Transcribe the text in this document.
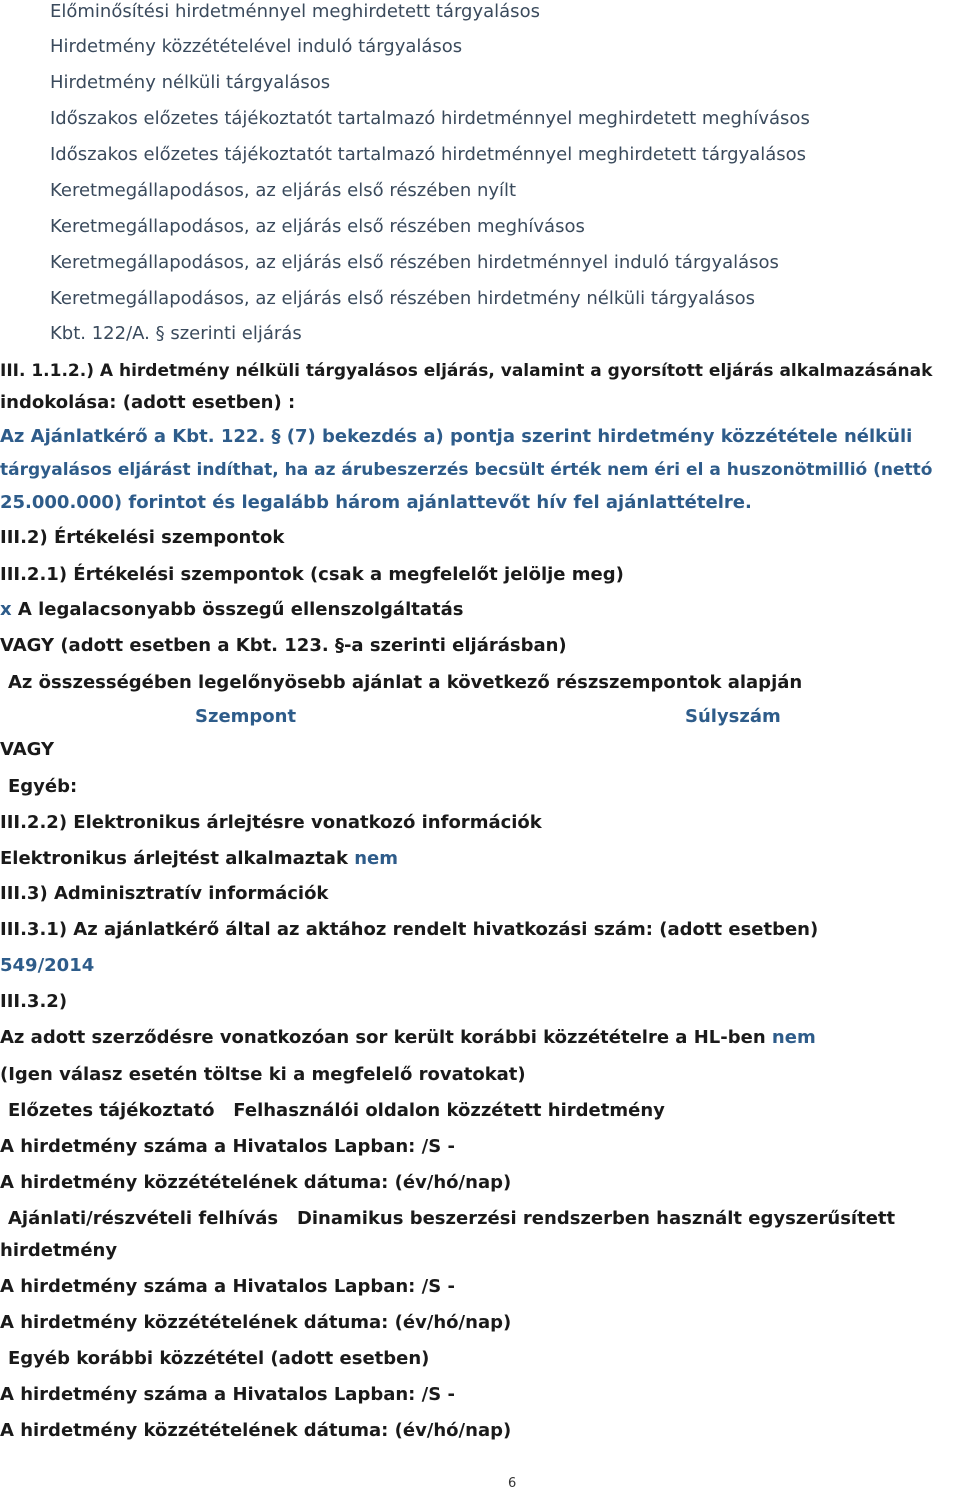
Előminősítési hirdetménnyel meghirdetett tárgyalásos
Hirdetmény közzétételével induló tárgyalásos
Hirdetmény nélküli tárgyalásos
Időszakos előzetes tájékoztatót tartalmazó hirdetménnyel meghirdetett meghívásos
Időszakos előzetes tájékoztatót tartalmazó hirdetménnyel meghirdetett tárgyalásos
Keretmegállapodásos, az eljárás első részében nyílt
Keretmegállapodásos, az eljárás első részében meghívásos
Keretmegállapodásos, az eljárás első részében hirdetménnyel induló tárgyalásos
Keretmegállapodásos, az eljárás első részében hirdetmény nélküli tárgyalásos
Kbt. 122/A. § szerinti eljárás
III. 1.1.2.) A hirdetmény nélküli tárgyalásos eljárás, valamint a gyorsított eljárás alkalmazásának
indokolása: (adott esetben) :
Az Ajánlatkérő a Kbt. 122. § (7) bekezdés a) pontja szerint hirdetmény közzététele nélküli
tárgyalásos eljárást indíthat, ha az árubeszerzés becsült érték nem éri el a huszonötmillió (nettó
25.000.000) forintot és legalább három ajánlattevőt hív fel ajánlattételre.
III.2) Értékelési szempontok
III.2.1) Értékelési szempontok (csak a megfelelőt jelölje meg)
x A legalacsonyabb összegű ellenszolgáltatás
VAGY (adott esetben a Kbt. 123. §-a szerinti eljárásban)
Az összességében legelőnyösebb ajánlat a következő részszempontok alapján
Szempont	Súlyszám
VAGY
Egyéb:
III.2.2) Elektronikus árlejtésre vonatkozó információk
Elektronikus árlejtést alkalmaztak nem
III.3) Adminisztratív információk
III.3.1) Az ajánlatkérő által az aktához rendelt hivatkozási szám: (adott esetben)
549/2014
III.3.2)
Az adott szerződésre vonatkozóan sor került korábbi közzétételre a HL-ben nem
(Igen válasz esetén töltse ki a megfelelő rovatokat)
Előzetes tájékoztató   Felhasználói oldalon közzétett hirdetmény
A hirdetmény száma a Hivatalos Lapban: /S -
A hirdetmény közzétételének dátuma: (év/hó/nap)
Ajánlati/részvételi felhívás   Dinamikus beszerzési rendszerben használt egyszerűsített
hirdetmény
A hirdetmény száma a Hivatalos Lapban: /S -
A hirdetmény közzétételének dátuma: (év/hó/nap)
Egyéb korábbi közzététel (adott esetben)
A hirdetmény száma a Hivatalos Lapban: /S -
A hirdetmény közzétételének dátuma: (év/hó/nap)
6
